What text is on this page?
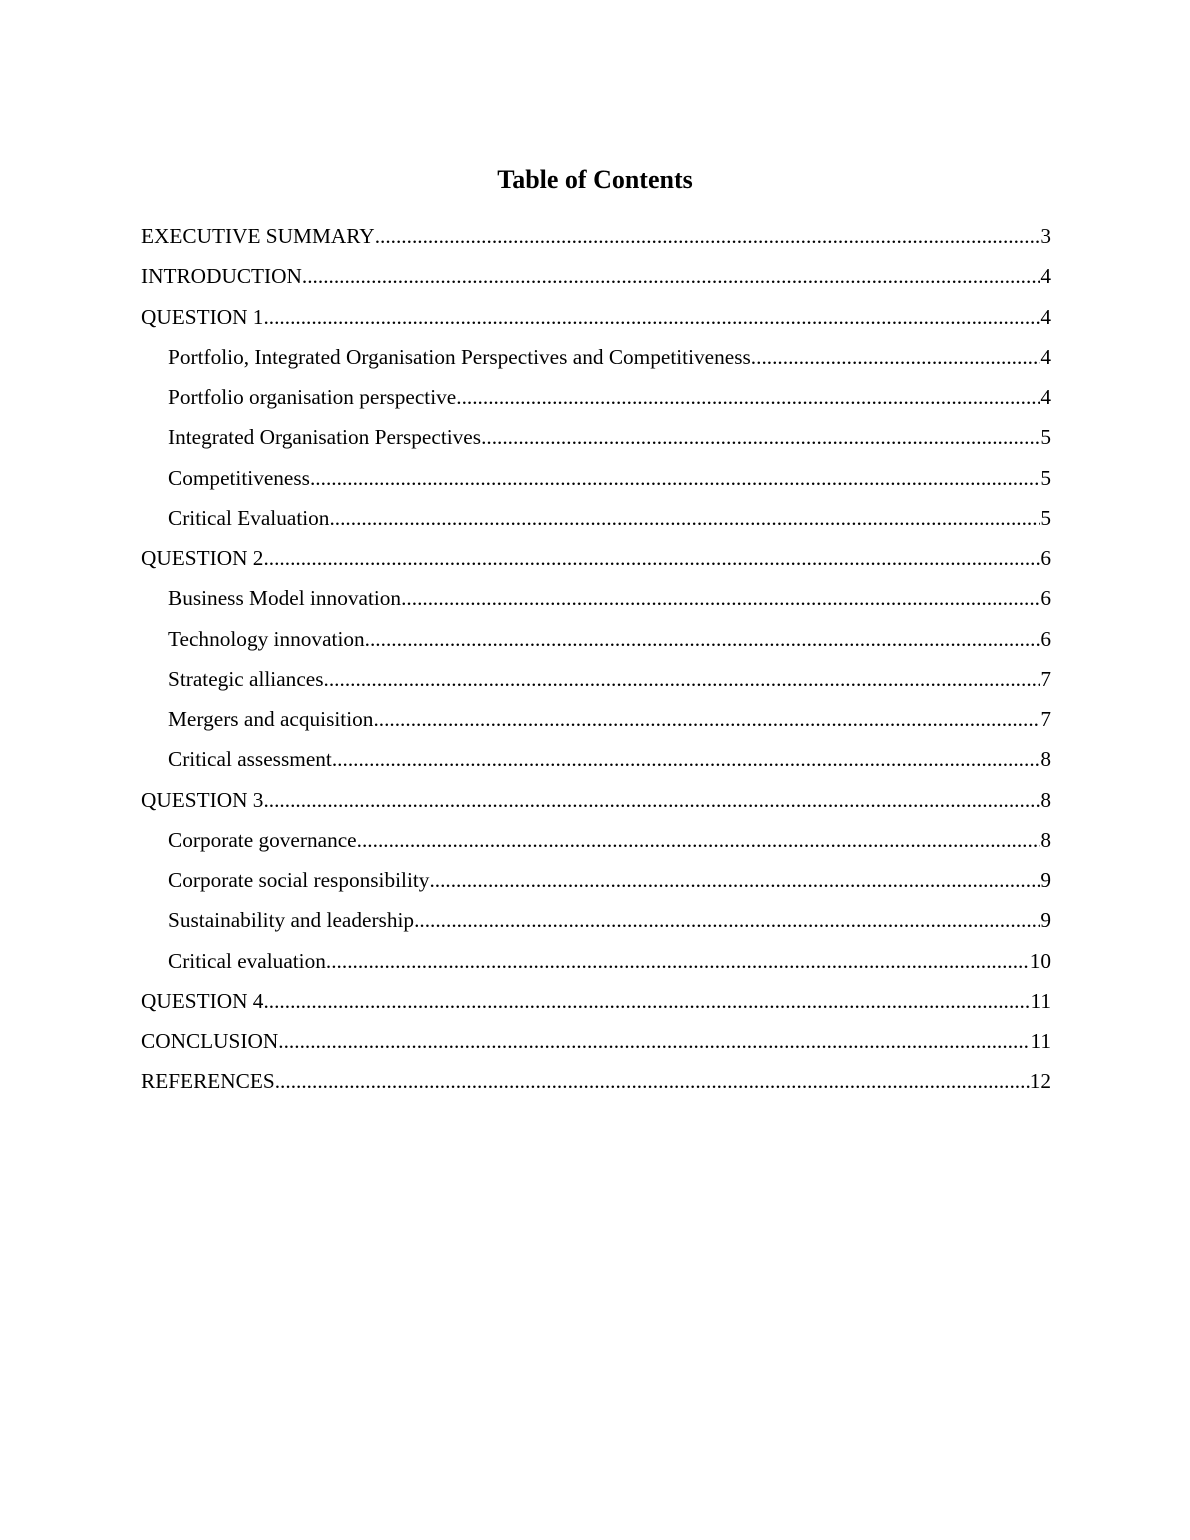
Table of Contents
EXECUTIVE SUMMARY .....	3
INTRODUCTION .....	4
QUESTION 1 .....	4
Portfolio, Integrated Organisation Perspectives and Competitiveness .....	4
Portfolio organisation perspective .....	4
Integrated Organisation Perspectives .....	5
Competitiveness .....	5
Critical Evaluation .....	5
QUESTION 2 .....	6
Business Model innovation .....	6
Technology innovation .....	6
Strategic alliances .....	7
Mergers and acquisition .....	7
Critical assessment .....	8
QUESTION 3 .....	8
Corporate governance .....	8
Corporate social responsibility .....	9
Sustainability and leadership .....	9
Critical evaluation .....	10
QUESTION 4 .....	11
CONCLUSION .....	11
REFERENCES .....	12
